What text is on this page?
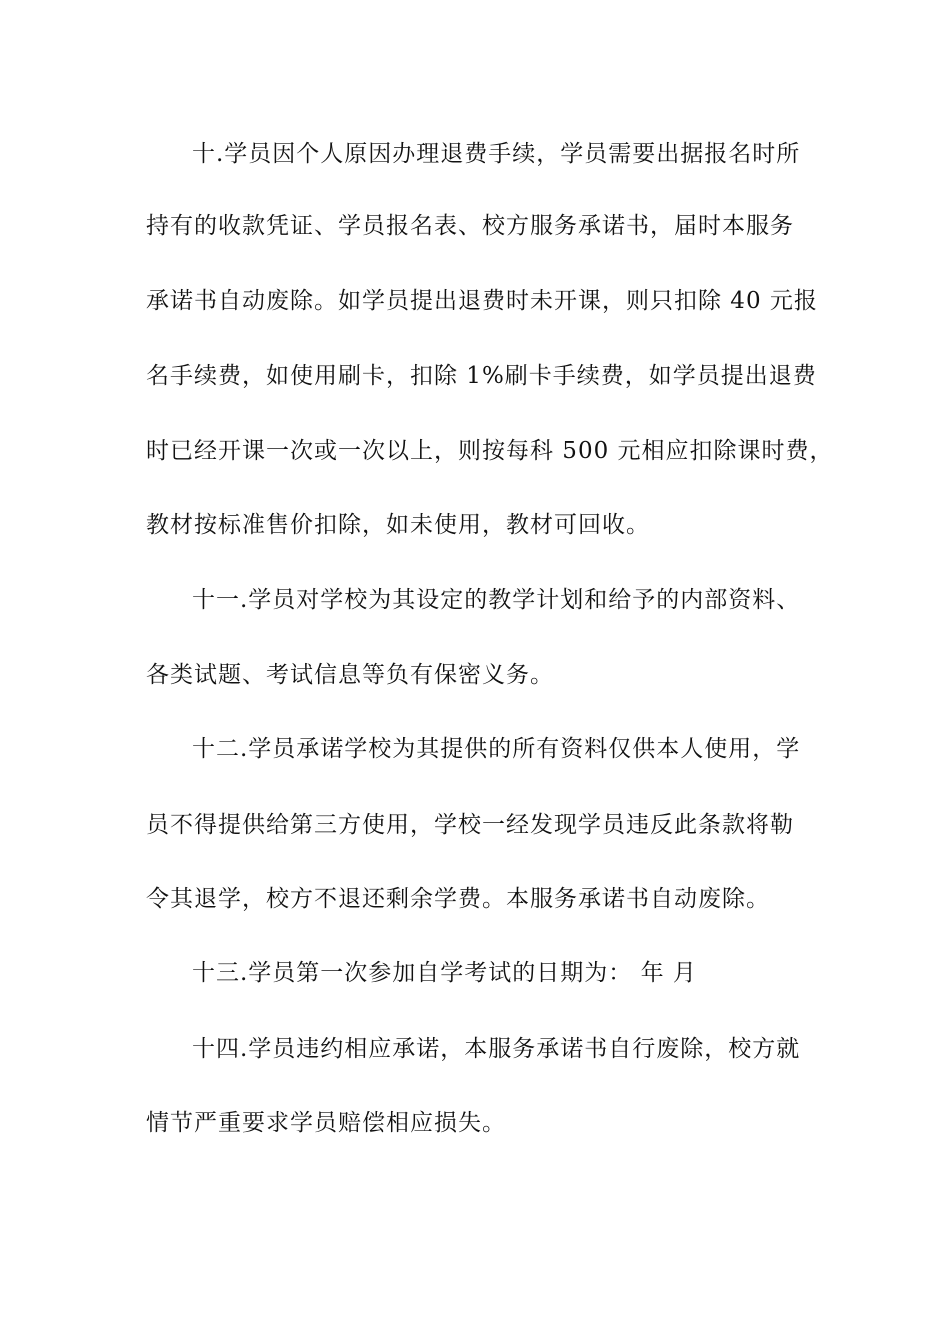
十.学员因个人原因办理退费手续，学员需要出据报名时所
持有的收款凭证、学员报名表、校方服务承诺书，届时本服务
承诺书自动废除。如学员提出退费时未开课，则只扣除 40 元报
名手续费，如使用刷卡，扣除 1%刷卡手续费，如学员提出退费
时已经开课一次或一次以上，则按每科 500 元相应扣除课时费，
教材按标准售价扣除，如未使用，教材可回收。
十一.学员对学校为其设定的教学计划和给予的内部资料、
各类试题、考试信息等负有保密义务。
十二.学员承诺学校为其提供的所有资料仅供本人使用，学
员不得提供给第三方使用，学校一经发现学员违反此条款将勒
令其退学，校方不退还剩余学费。本服务承诺书自动废除。
十三.学员第一次参加自学考试的日期为： 年 月
十四.学员违约相应承诺，本服务承诺书自行废除，校方就
情节严重要求学员赔偿相应损失。
